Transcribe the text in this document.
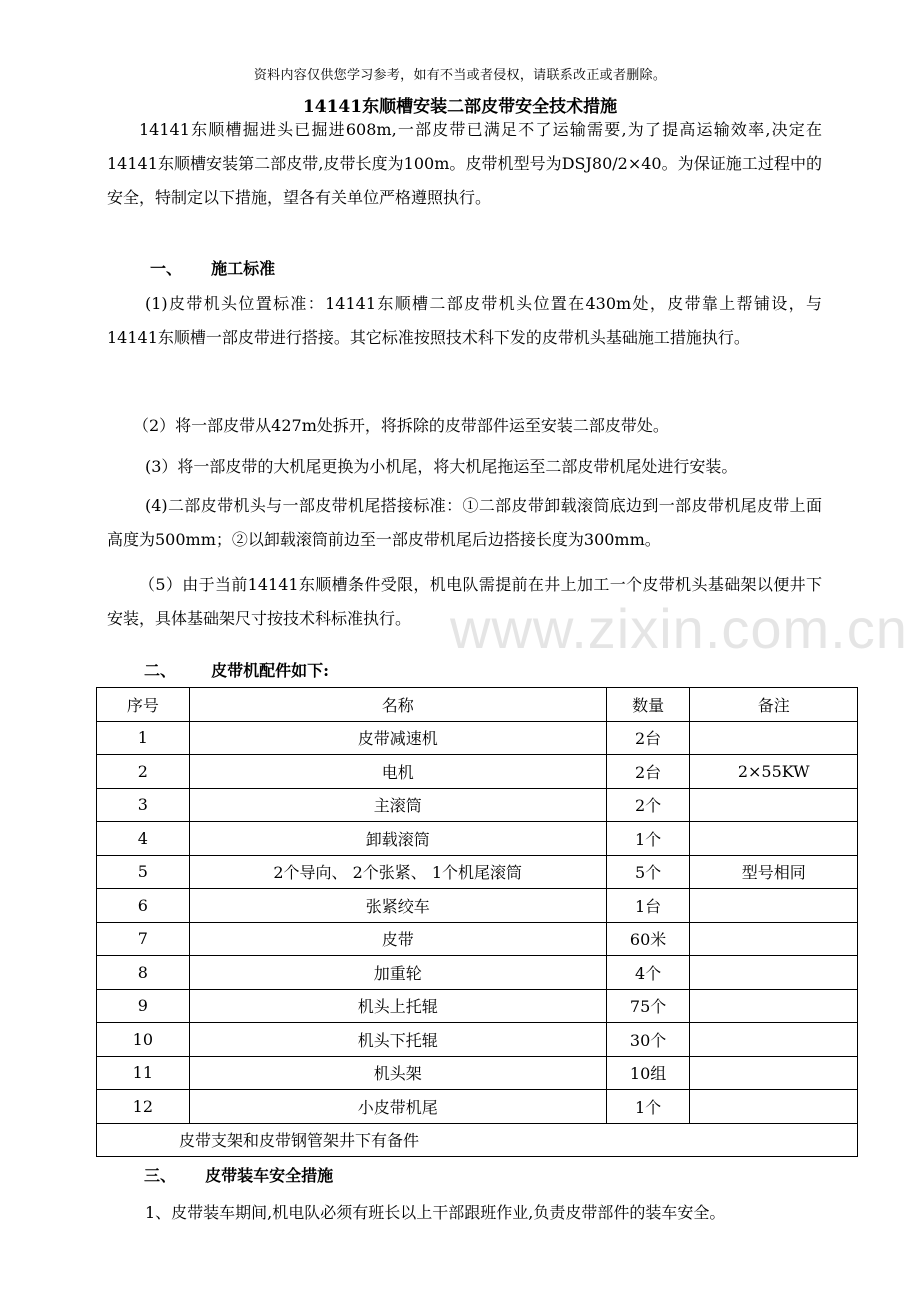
资料内容仅供您学习参考，如有不当或者侵权，请联系改正或者删除。
14141东顺槽安装二部皮带安全技术措施

14141东顺槽掘进头已掘进608m,一部皮带已满足不了运输需要,为了提高运输效率,决定在14141东顺槽安装第二部皮带,皮带长度为100m。皮带机型号为DSJ80/2×40。为保证施工过程中的安全，特制定以下措施，望各有关单位严格遵照执行。

一、 施工标准

(1)皮带机头位置标准：14141东顺槽二部皮带机头位置在430m处，皮带靠上帮铺设，与14141东顺槽一部皮带进行搭接。其它标准按照技术科下发的皮带机头基础施工措施执行。

（2）将一部皮带从427m处拆开，将拆除的皮带部件运至安装二部皮带处。

(3）将一部皮带的大机尾更换为小机尾，将大机尾拖运至二部皮带机尾处进行安装。

(4)二部皮带机头与一部皮带机尾搭接标准：①二部皮带卸载滚筒底边到一部皮带机尾皮带上面高度为500mm；②以卸载滚筒前边至一部皮带机尾后边搭接长度为300mm。

（5）由于当前14141东顺槽条件受限，机电队需提前在井上加工一个皮带机头基础架以便井下安装，具体基础架尺寸按技术科标准执行。 www.zixin.com.cn
二、 皮带机配件如下:
序号	名称	数量	备注
1	皮带减速机	2台	
2	电机	2台	2×55KW
3	主滚筒	2个	
4	卸载滚筒	1个	
5	2个导向、 2个张紧、 1个机尾滚筒	5个	型号相同
6	张紧绞车	1台	
7	皮带	60米	
8	加重轮	4个	
9	机头上托辊	75个	
10	机头下托辊	30个	
11	机头架	10组	
12	小皮带机尾	1个	
皮带支架和皮带钢管架井下有备件			
三、 皮带装车安全措施

1、皮带装车期间,机电队必须有班长以上干部跟班作业,负责皮带部件的装车安全。
